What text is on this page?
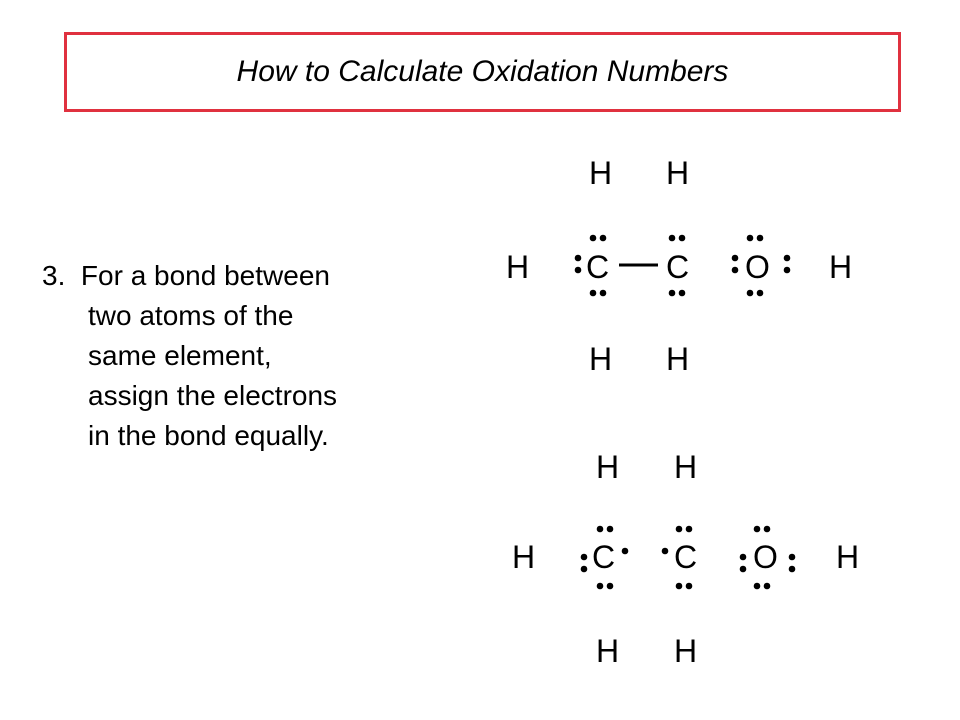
How to Calculate Oxidation Numbers
3.  For a bond between
two atoms of the
same element,
assign the electrons
in the bond equally.
H H
H C C O H
H H
H H
H C C O H
H H
